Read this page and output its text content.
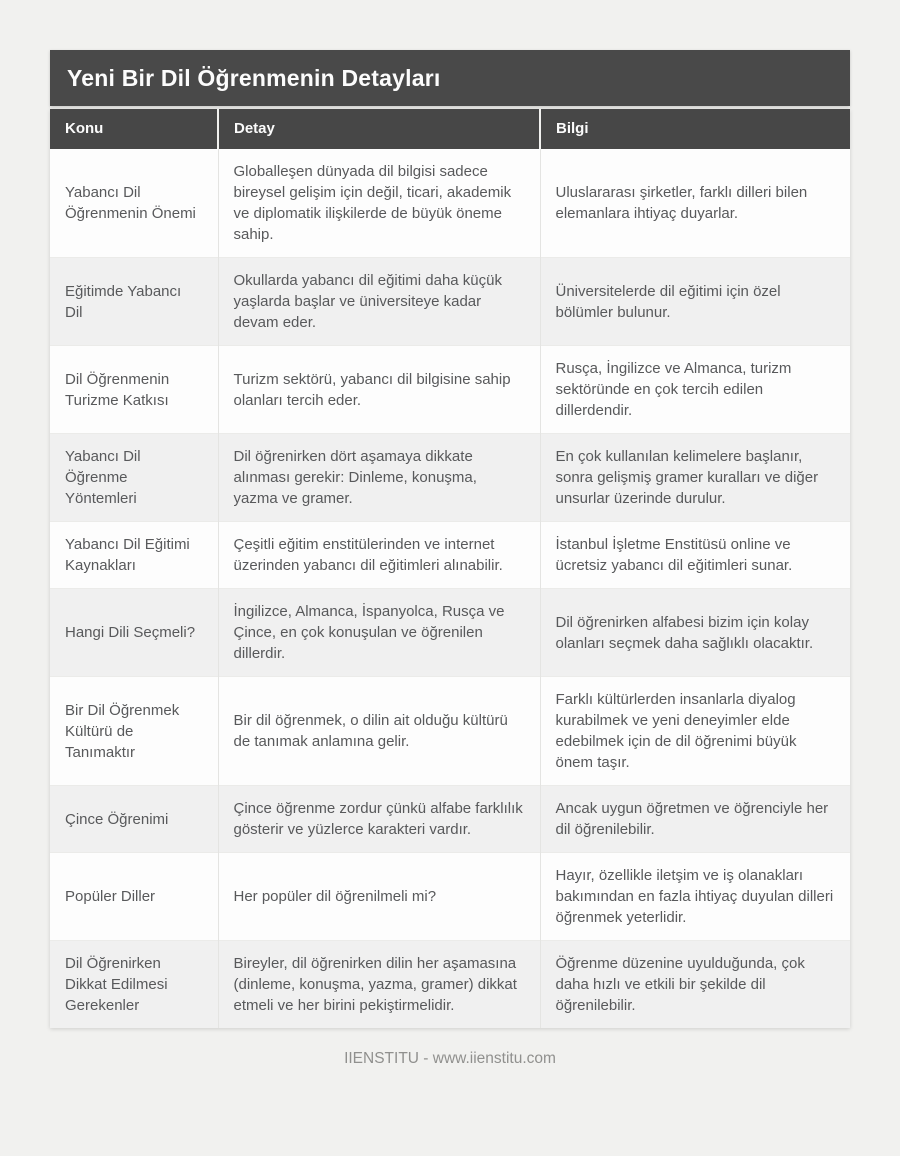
Yeni Bir Dil Öğrenmenin Detayları
Konu	Detay	Bilgi
Yabancı Dil Öğrenmenin Önemi	Globalleşen dünyada dil bilgisi sadece bireysel gelişim için değil, ticari, akademik ve diplomatik ilişkilerde de büyük öneme sahip.	Uluslararası şirketler, farklı dilleri bilen elemanlara ihtiyaç duyarlar.
Eğitimde Yabancı Dil	Okullarda yabancı dil eğitimi daha küçük yaşlarda başlar ve üniversiteye kadar devam eder.	Üniversitelerde dil eğitimi için özel bölümler bulunur.
Dil Öğrenmenin Turizme Katkısı	Turizm sektörü, yabancı dil bilgisine sahip olanları tercih eder.	Rusça, İngilizce ve Almanca, turizm sektöründe en çok tercih edilen dillerdendir.
Yabancı Dil Öğrenme Yöntemleri	Dil öğrenirken dört aşamaya dikkate alınması gerekir: Dinleme, konuşma, yazma ve gramer.	En çok kullanılan kelimelere başlanır, sonra gelişmiş gramer kuralları ve diğer unsurlar üzerinde durulur.
Yabancı Dil Eğitimi Kaynakları	Çeşitli eğitim enstitülerinden ve internet üzerinden yabancı dil eğitimleri alınabilir.	İstanbul İşletme Enstitüsü online ve ücretsiz yabancı dil eğitimleri sunar.
Hangi Dili Seçmeli?	İngilizce, Almanca, İspanyolca, Rusça ve Çince, en çok konuşulan ve öğrenilen dillerdir.	Dil öğrenirken alfabesi bizim için kolay olanları seçmek daha sağlıklı olacaktır.
Bir Dil Öğrenmek Kültürü de Tanımaktır	Bir dil öğrenmek, o dilin ait olduğu kültürü de tanımak anlamına gelir.	Farklı kültürlerden insanlarla diyalog kurabilmek ve yeni deneyimler elde edebilmek için de dil öğrenimi büyük önem taşır.
Çince Öğrenimi	Çince öğrenme zordur çünkü alfabe farklılık gösterir ve yüzlerce karakteri vardır.	Ancak uygun öğretmen ve öğrenciyle her dil öğrenilebilir.
Popüler Diller	Her popüler dil öğrenilmeli mi?	Hayır, özellikle iletşim ve iş olanakları bakımından en fazla ihtiyaç duyulan dilleri öğrenmek yeterlidir.
Dil Öğrenirken Dikkat Edilmesi Gerekenler	Bireyler, dil öğrenirken dilin her aşamasına (dinleme, konuşma, yazma, gramer) dikkat etmeli ve her birini pekiştirmelidir.	Öğrenme düzenine uyulduğunda, çok daha hızlı ve etkili bir şekilde dil öğrenilebilir.
IIENSTITU - www.iienstitu.com
